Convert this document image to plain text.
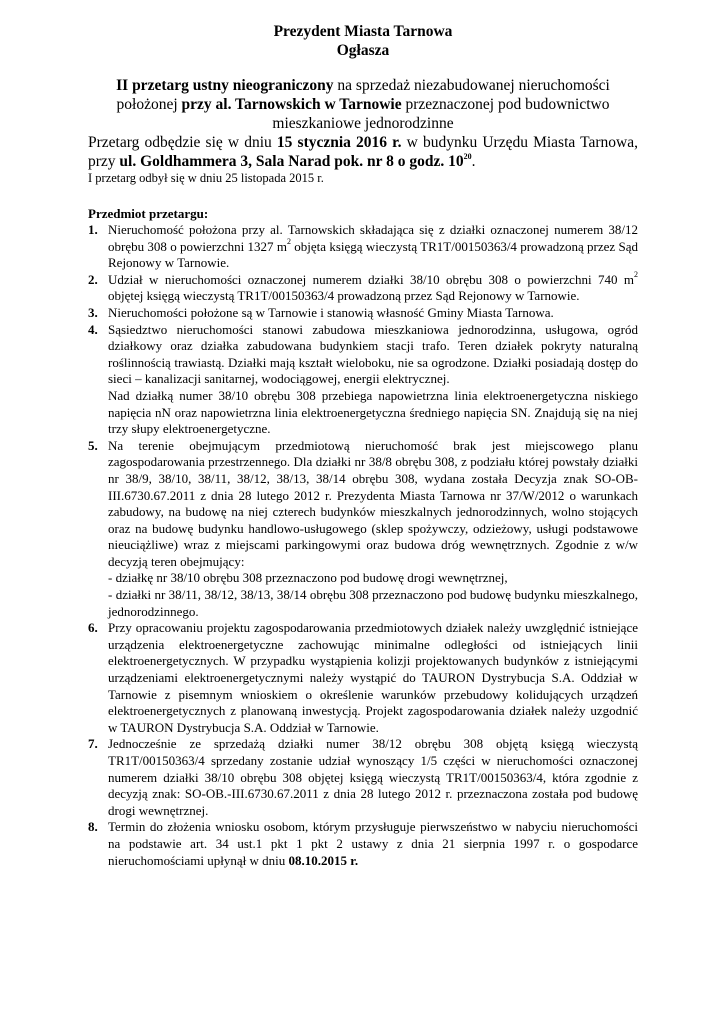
Prezydent Miasta Tarnowa
Ogłasza
II przetarg ustny nieograniczony na sprzedaż niezabudowanej nieruchomości położonej przy al. Tarnowskich w Tarnowie przeznaczonej pod budownictwo mieszkaniowe jednorodzinne
Przetarg odbędzie się w dniu 15 stycznia 2016 r. w budynku Urzędu Miasta Tarnowa, przy ul. Goldhammera 3, Sala Narad pok. nr 8 o godz. $10^{20}$.
I przetarg odbył się w dniu 25 listopada 2015 r.
Przedmiot przetargu:
1. Nieruchomość położona przy al. Tarnowskich składająca się z działki oznaczonej numerem 38/12 obrębu 308 o powierzchni 1327 $m^2$ objęta księgą wieczystą TR1T/00150363/4 prowadzoną przez Sąd Rejonowy w Tarnowie.
2. Udział w nieruchomości oznaczonej numerem działki 38/10 obrębu 308 o powierzchni 740 $m^2$ objętej księgą wieczystą TR1T/00150363/4 prowadzoną przez Sąd Rejonowy w Tarnowie.
3. Nieruchomości położone są w Tarnowie i stanowią własność Gminy Miasta Tarnowa.
4. Sąsiedztwo nieruchomości stanowi zabudowa mieszkaniowa jednorodzinna, usługowa, ogród działkowy oraz działka zabudowana budynkiem stacji trafo. Teren działek pokryty naturalną roślinnością trawiastą. Działki mają kształt wieloboku, nie sa ogrodzone. Działki posiadają dostęp do sieci – kanalizacji sanitarnej, wodociągowej, energii elektrycznej.

Nad działką numer 38/10 obrębu 308 przebiega napowietrzna linia elektroenergetyczna niskiego napięcia nN oraz napowietrzna linia elektroenergetyczna średniego napięcia SN. Znajdują się na niej trzy słupy elektroenergetyczne.

5. Na terenie obejmującym przedmiotową nieruchomość brak jest miejscowego planu zagospodarowania przestrzennego. Dla działki nr 38/8 obrębu 308, z podziału której powstały działki nr 38/9, 38/10, 38/11, 38/12, 38/13, 38/14 obrębu 308, wydana została Decyzja znak SO-OB-III.6730.67.2011 z dnia 28 lutego 2012 r. Prezydenta Miasta Tarnowa nr 37/W/2012 o warunkach zabudowy, na budowę na niej czterech budynków mieszkalnych jednorodzinnych, wolno stojących oraz na budowę budynku handlowo-usługowego (sklep spożywczy, odzieżowy, usługi podstawowe nieuciążliwe) wraz z miejscami parkingowymi oraz budowa dróg wewnętrznych. Zgodnie z w/w decyzją teren obejmujący:

- działkę nr 38/10 obrębu 308 przeznaczono pod budowę drogi wewnętrznej,

- działki nr 38/11, 38/12, 38/13, 38/14 obrębu 308 przeznaczono pod budowę budynku mieszkalnego, jednorodzinnego.

6. Przy opracowaniu projektu zagospodarowania przedmiotowych działek należy uwzględnić istniejące urządzenia elektroenergetyczne zachowując minimalne odległości od istniejących linii elektroenergetycznych. W przypadku wystąpienia kolizji projektowanych budynków z istniejącymi urządzeniami elektroenergetycznymi należy wystąpić do TAURON Dystrybucja S.A. Oddział w Tarnowie z pisemnym wnioskiem o określenie warunków przebudowy kolidujących urządzeń elektroenergetycznych z planowaną inwestycją. Projekt zagospodarowania działek należy uzgodnić w TAURON Dystrybucja S.A. Oddział w Tarnowie.
7. Jednocześnie ze sprzedażą działki numer 38/12 obrębu 308 objętą księgą wieczystą TR1T/00150363/4 sprzedany zostanie udział wynoszący 1/5 części w nieruchomości oznaczonej numerem działki 38/10 obrębu 308 objętej księgą wieczystą TR1T/00150363/4, która zgodnie z decyzją znak: SO-OB.-III.6730.67.2011 z dnia 28 lutego 2012 r. przeznaczona została pod budowę drogi wewnętrznej.
8. Termin do złożenia wniosku osobom, którym przysługuje pierwszeństwo w nabyciu nieruchomości na podstawie art. 34 ust.1 pkt 1 pkt 2 ustawy z dnia 21 sierpnia 1997 r. o gospodarce nieruchomościami upłynął w dniu 08.10.2015 r.
